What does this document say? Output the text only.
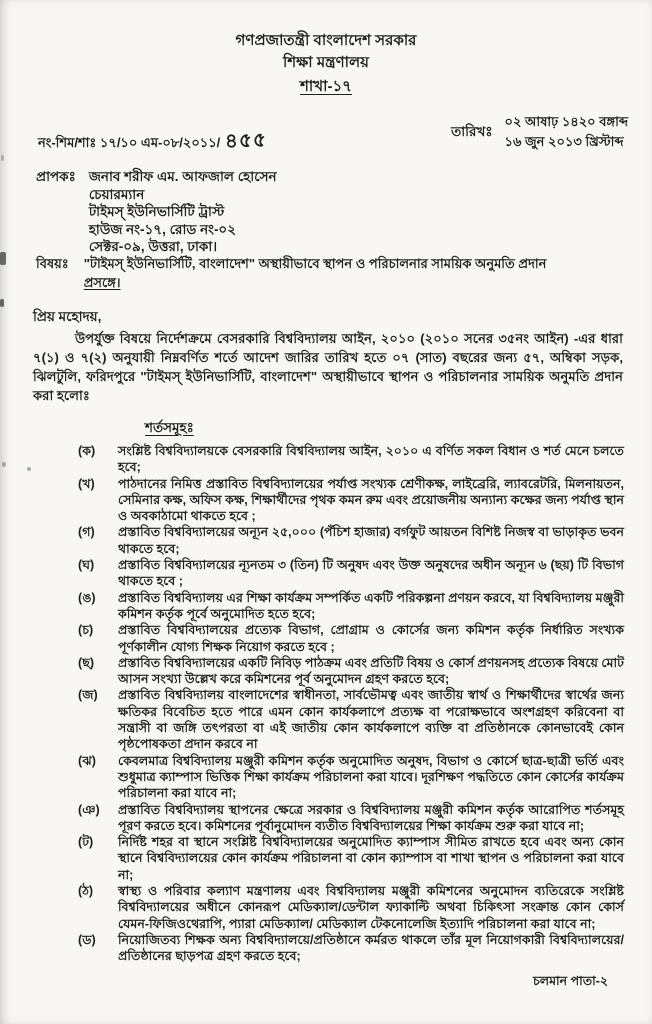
গণপ্রজাতন্ত্রী বাংলাদেশ সরকার
শিক্ষা মন্ত্রণালয়
শাখা-১৭
নং-শিম/শাঃ ১৭/১০ এম-০৮/২০১১/ ৪৫৫	তারিখঃ
০২ আষাঢ় ১৪২০ বঙ্গাব্দ
১৬ জুন ২০১৩ খ্রিস্টাব্দ
প্রাপকঃ জনাব শরীফ এম. আফজাল হোসেন
চেয়ারম্যান
টাইমস্ ইউনিভার্সিটি ট্রাস্ট
হাউজ নং-১৭, রোড নং-০২
সেক্টর-০৯, উত্তরা, ঢাকা।
বিষয়ঃ "টাইমস্ ইউনিভার্সিটি, বাংলাদেশ" অস্থায়ীভাবে স্থাপন ও পরিচালনার সাময়িক অনুমতি প্রদান
প্রসঙ্গে।
প্রিয় মহোদয়,
উপর্যুক্ত বিষয়ে নির্দেশক্রমে বেসরকারি বিশ্ববিদ্যালয় আইন, ২০১০ (২০১০ সনের ৩৫নং আইন) -এর ধারা ৭(১) ও ৭(২) অনুযায়ী নিম্নবর্ণিত শর্তে আদেশ জারির তারিখ হতে ০৭ (সাত) বছরের জন্য ৫৭, অম্বিকা সড়ক, ঝিলটুলি, ফরিদপুরে "টাইমস্ ইউনিভার্সিটি, বাংলাদেশ" অস্থায়ীভাবে স্থাপন ও পরিচালনার সাময়িক অনুমতি প্রদান করা হলোঃ
শর্তসমূহঃ
(ক)	সংশ্লিষ্ট বিশ্ববিদ্যালয়কে বেসরকারি বিশ্ববিদ্যালয় আইন, ২০১০ এ বর্ণিত সকল বিধান ও শর্ত মেনে চলতে হবে;
(খ)	পাঠদানের নিমিত্ত প্রস্তাবিত বিশ্ববিদ্যালয়ের পর্যাপ্ত সংখ্যক শ্রেণীকক্ষ, লাইব্রেরি, ল্যাবরেটরি, মিলনায়তন, সেমিনার কক্ষ, অফিস কক্ষ, শিক্ষার্থীদের পৃথক কমন রুম এবং প্রয়োজনীয় অন্যান্য কক্ষের জন্য পর্যাপ্ত স্থান ও অবকাঠামো থাকতে হবে ;
(গ)	প্রস্তাবিত বিশ্ববিদ্যালয়ের অন্যূন ২৫,০০০ (পঁচিশ হাজার) বর্গফুট আয়তন বিশিষ্ট নিজস্ব বা ভাড়াকৃত ভবন থাকতে হবে;
(ঘ)	প্রস্তাবিত বিশ্ববিদ্যালয়ের ন্যূনতম ৩ (তিন) টি অনুষদ এবং উক্ত অনুষদের অধীন অন্যূন ৬ (ছয়) টি বিভাগ থাকতে হবে ;
(ঙ)	প্রস্তাবিত বিশ্ববিদ্যালয় এর শিক্ষা কার্যক্রম সম্পর্কিত একটি পরিকল্পনা প্রণয়ন করবে, যা বিশ্ববিদ্যালয় মঞ্জুরী কমিশন কর্তৃক পূর্বে অনুমোদিত হতে হবে;
(চ)	প্রস্তাবিত বিশ্ববিদ্যালয়ের প্রত্যেক বিভাগ, প্রোগ্রাম ও কোর্সের জন্য কমিশন কর্তৃক নির্ধারিত সংখ্যক পূর্ণকালীন যোগ্য শিক্ষক নিয়োগ করতে হবে ;
(ছ)	প্রস্তাবিত বিশ্ববিদ্যালয়ের একটি নিবিড় পাঠক্রম এবং প্রতিটি বিষয় ও কোর্স প্রণয়নসহ প্রত্যেক বিষয়ে মোট আসন সংখ্যা উল্লেখ করে কমিশনের পূর্ব অনুমোদন গ্রহণ করতে হবে;
(জ)	প্রস্তাবিত বিশ্ববিদ্যালয় বাংলাদেশের স্বাধীনতা, সার্বভৌমত্ব এবং জাতীয় স্বার্থ ও শিক্ষার্থীদের স্বার্থের জন্য ক্ষতিকর বিবেচিত হতে পারে এমন কোন কার্যকলাপে প্রত্যক্ষ বা পরোক্ষভাবে অংশগ্রহণ করিবেনা বা সন্ত্রাসী বা জঙ্গি তৎপরতা বা এই জাতীয় কোন কার্যকলাপে ব্যক্তি বা প্রতিষ্ঠানকে কোনভাবেই কোন পৃষ্ঠপোষকতা প্রদান করবে না
(ঝ)	কেবলমাত্র বিশ্ববিদ্যালয় মঞ্জুরী কমিশন কর্তৃক অনুমোদিত অনুষদ, বিভাগ ও কোর্সে ছাত্র-ছাত্রী ভর্তি এবং শুধুমাত্র ক্যাম্পাস ভিত্তিক শিক্ষা কার্যক্রম পরিচালনা করা যাবে। দূরশিক্ষণ পদ্ধতিতে কোন কোর্সের কার্যক্রম পরিচালনা করা যাবে না;
(ঞ)	প্রস্তাবিত বিশ্ববিদ্যালয় স্থাপনের ক্ষেত্রে সরকার ও বিশ্ববিদ্যালয় মঞ্জুরী কমিশন কর্তৃক আরোপিত শর্তসমূহ পূরণ করতে হবে। কমিশনের পূর্বানুমোদন ব্যতীত বিশ্ববিদ্যালয়ের শিক্ষা কার্যক্রম শুরু করা যাবে না;
(ট)	নির্দিষ্ট শহর বা স্থানে সংশ্লিষ্ট বিশ্ববিদ্যালয়ের অনুমোদিত ক্যাম্পাস সীমিত রাখতে হবে এবং অন্য কোন স্থানে বিশ্ববিদ্যালয়ের কোন কার্যক্রম পরিচালনা বা কোন ক্যাম্পাস বা শাখা স্থাপন ও পরিচালনা করা যাবে না;
(ঠ)	স্বাস্থ্য ও পরিবার কল্যাণ মন্ত্রণালয় এবং বিশ্ববিদ্যালয় মঞ্জুরী কমিশনের অনুমোদন ব্যতিরেকে সংশ্লিষ্ট বিশ্ববিদ্যালয়ের অধীনে কোনরূপ মেডিক্যাল/ডেন্টাল ফ্যাকাল্টি অথবা চিকিৎসা সংক্রান্ত কোন কোর্স যেমন-ফিজিওথেরাপি, প্যারা মেডিক্যাল/ মেডিক্যাল টেকনোলেজি ইত্যাদি পরিচালনা করা যাবে না;
(ড)	নিয়োজিতব্য শিক্ষক অন্য বিশ্ববিদ্যালয়ে/প্রতিষ্ঠানে কর্মরত থাকলে তাঁর মূল নিয়োগকারী বিশ্ববিদ্যালয়ের/প্রতিষ্ঠানের ছাড়পত্র গ্রহণ করতে হবে;
চলমান পাতা-২
